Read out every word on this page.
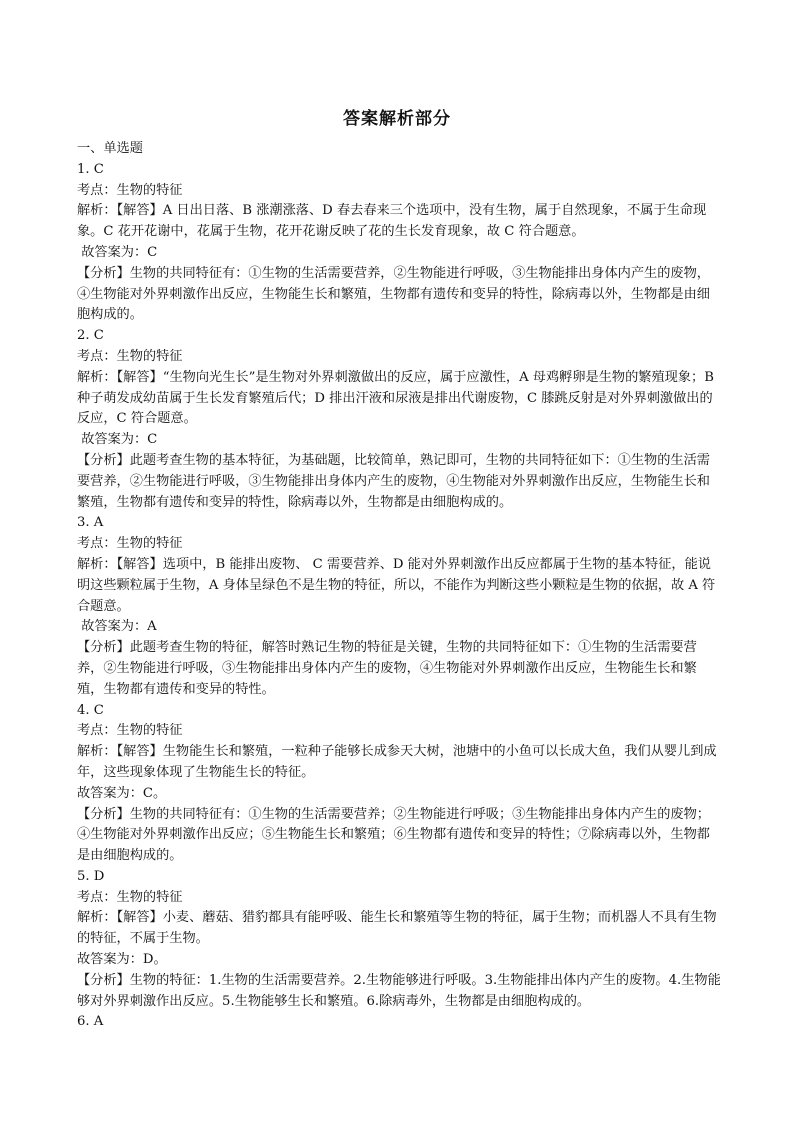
答案解析部分
一、单选题
1. C
考点：生物的特征
解析：【解答】A 日出日落、B 涨潮涨落、D 春去春来三个选项中，没有生物，属于自然现象，不属于生命现象。C 花开花谢中，花属于生物，花开花谢反映了花的生长发育现象，故 C 符合题意。
故答案为：C
【分析】生物的共同特征有：①生物的生活需要营养，②生物能进行呼吸，③生物能排出身体内产生的废物，④生物能对外界刺激作出反应，生物能生长和繁殖，生物都有遗传和变异的特性，除病毒以外，生物都是由细胞构成的。
2. C
考点：生物的特征
解析：【解答】“生物向光生长”是生物对外界刺激做出的反应，属于应激性，A 母鸡孵卵是生物的繁殖现象；B 种子萌发成幼苗属于生长发育繁殖后代；D 排出汗液和尿液是排出代谢废物，C 膝跳反射是对外界刺激做出的反应，C 符合题意。
故答案为：C
【分析】此题考查生物的基本特征，为基础题，比较简单，熟记即可，生物的共同特征如下：①生物的生活需要营养，②生物能进行呼吸，③生物能排出身体内产生的废物，④生物能对外界刺激作出反应，生物能生长和繁殖，生物都有遗传和变异的特性，除病毒以外，生物都是由细胞构成的。
3. A
考点：生物的特征
解析：【解答】选项中，B 能排出废物、 C 需要营养、D 能对外界刺激作出反应都属于生物的基本特征，能说明这些颗粒属于生物，A 身体呈绿色不是生物的特征，所以，不能作为判断这些小颗粒是生物的依据，故 A 符合题意。
故答案为：A
【分析】此题考查生物的特征，解答时熟记生物的特征是关键，生物的共同特征如下：①生物的生活需要营养，②生物能进行呼吸，③生物能排出身体内产生的废物，④生物能对外界刺激作出反应，生物能生长和繁殖，生物都有遗传和变异的特性。
4. C
考点：生物的特征
解析：【解答】生物能生长和繁殖，一粒种子能够长成参天大树，池塘中的小鱼可以长成大鱼，我们从婴儿到成年，这些现象体现了生物能生长的特征。
故答案为：C。
【分析】生物的共同特征有：①生物的生活需要营养；②生物能进行呼吸；③生物能排出身体内产生的废物；④生物能对外界刺激作出反应；⑤生物能生长和繁殖；⑥生物都有遗传和变异的特性；⑦除病毒以外，生物都是由细胞构成的。
5. D
考点：生物的特征
解析：【解答】小麦、蘑菇、猎豹都具有能呼吸、能生长和繁殖等生物的特征，属于生物；而机器人不具有生物的特征，不属于生物。
故答案为：D。
【分析】生物的特征：1.生物的生活需要营养。2.生物能够进行呼吸。3.生物能排出体内产生的废物。4.生物能够对外界刺激作出反应。5.生物能够生长和繁殖。6.除病毒外，生物都是由细胞构成的。
6. A
